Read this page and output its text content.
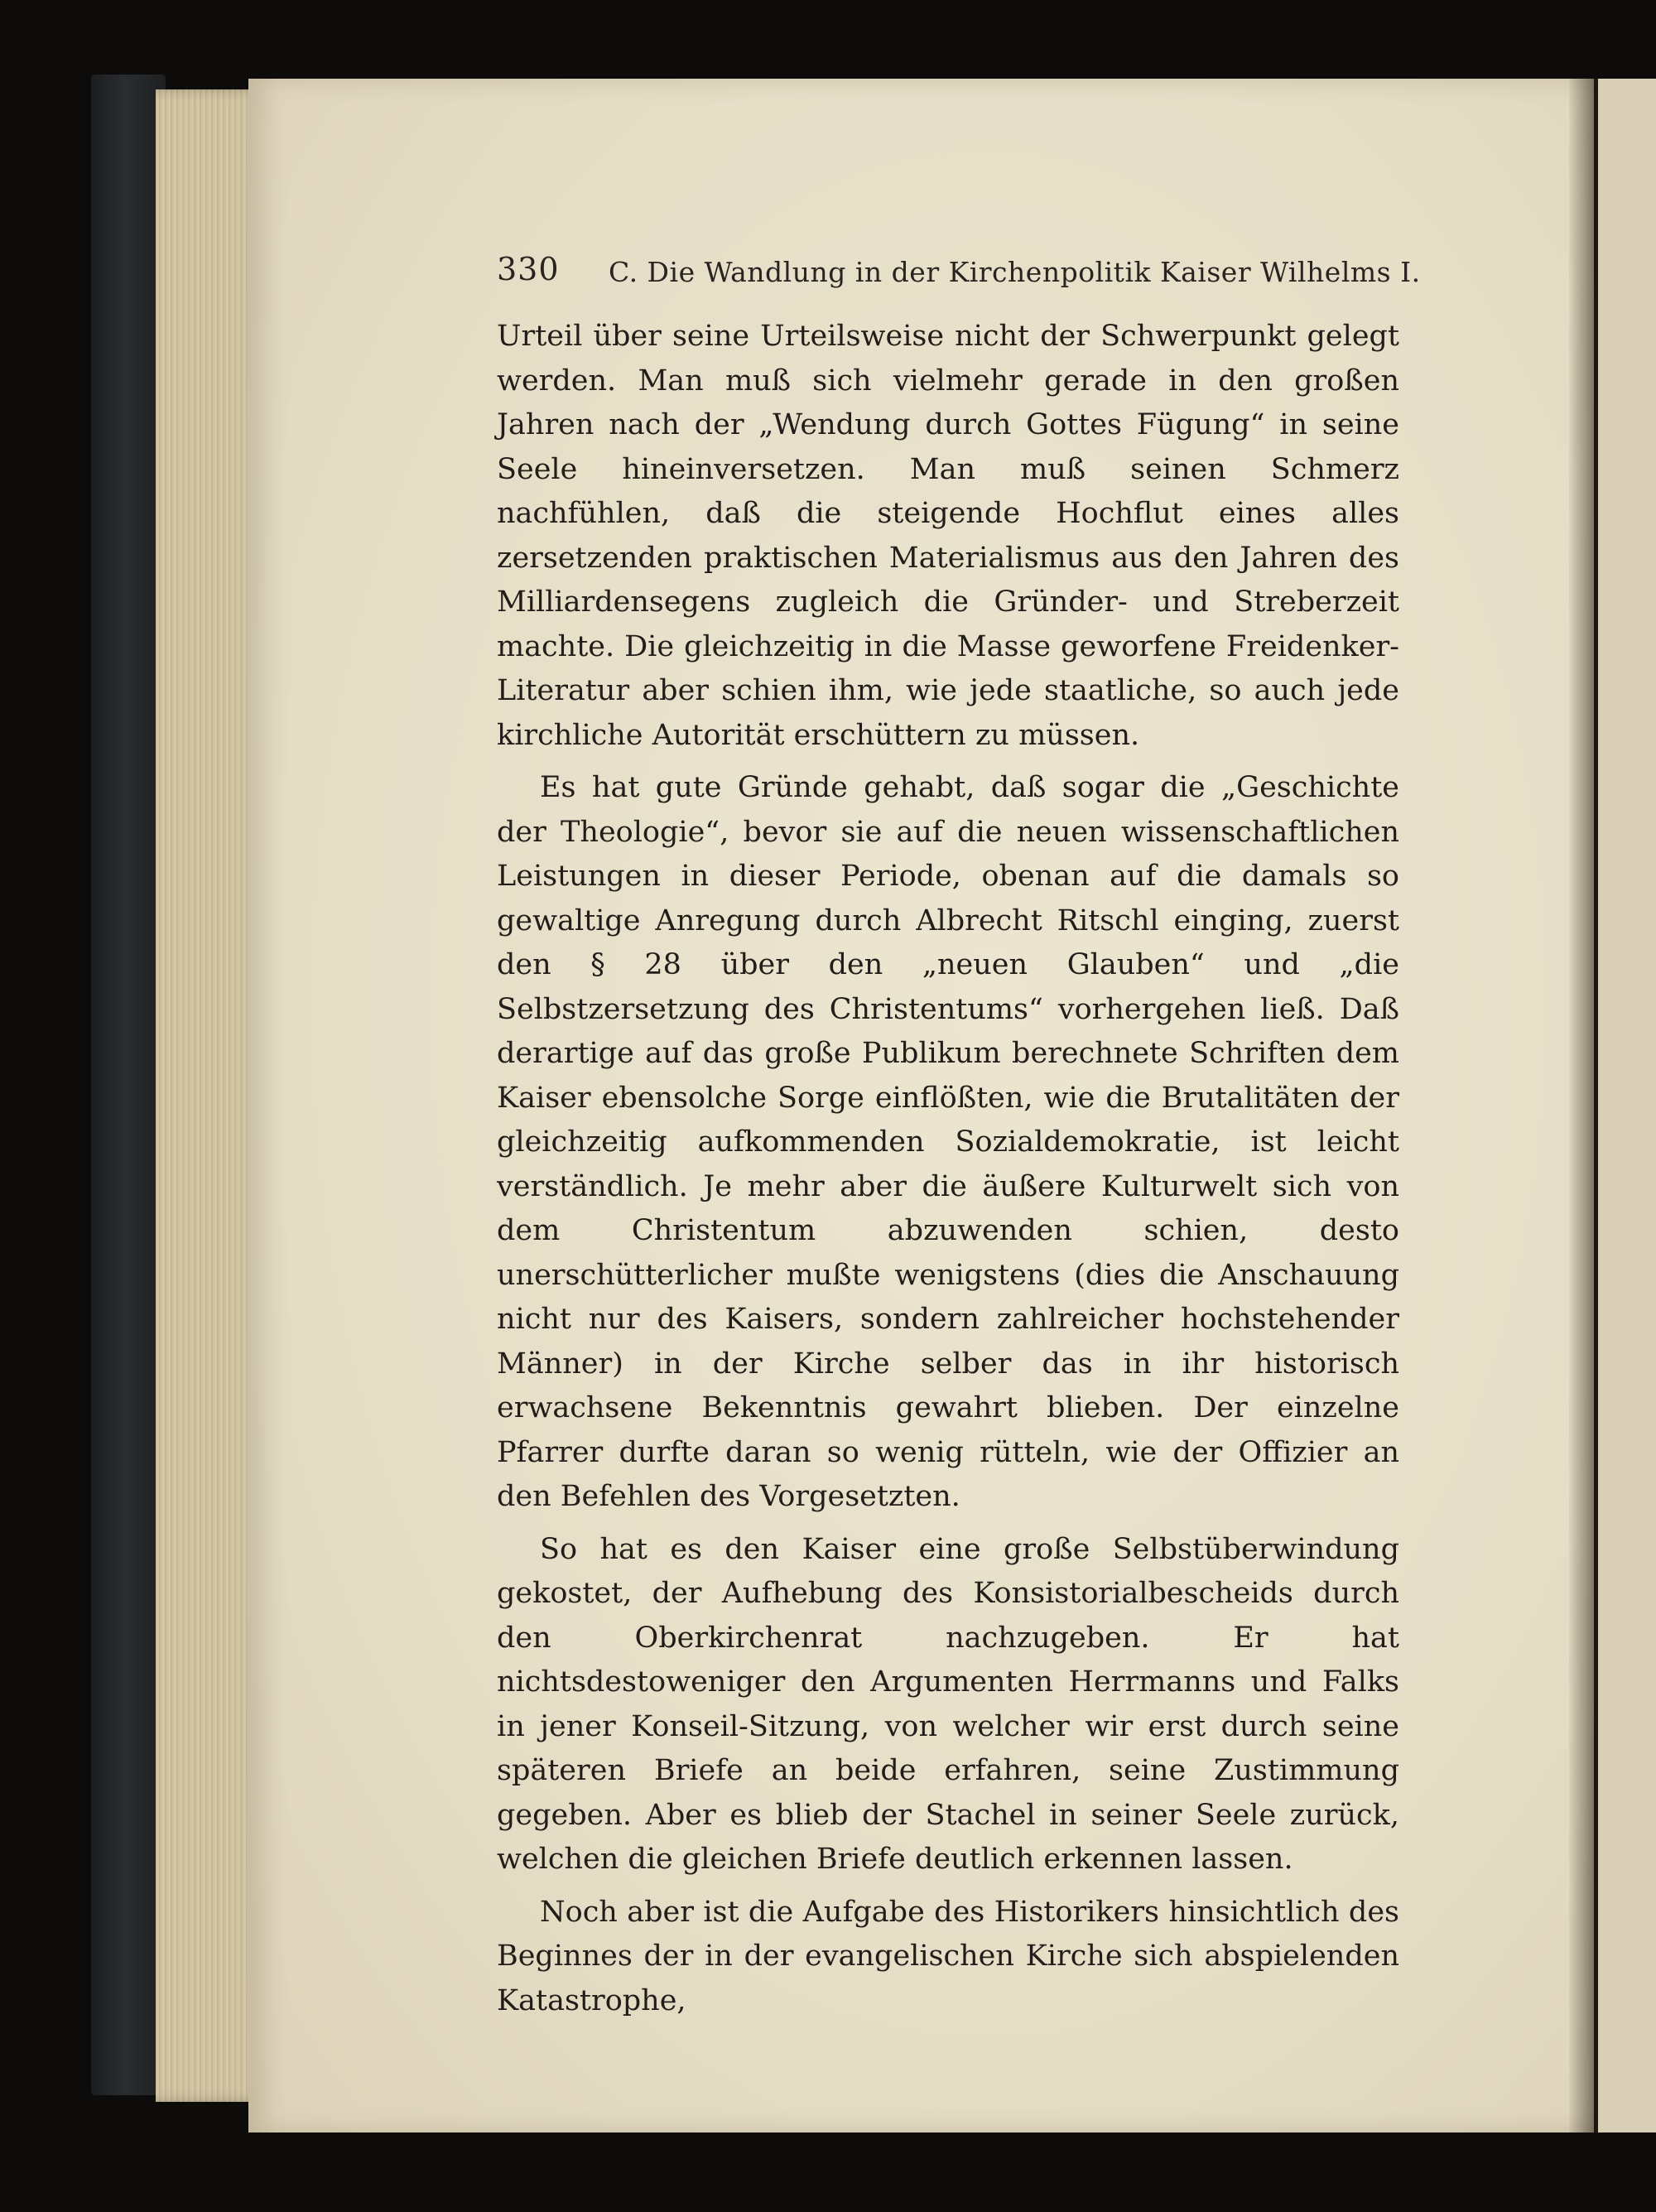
330 C. Die Wandlung in der Kirchenpolitik Kaiser Wilhelms I.

Urteil über seine Urteilsweise nicht der Schwerpunkt gelegt werden. Man muß sich vielmehr gerade in den großen Jahren nach der „Wendung durch Gottes Fügung“ in seine Seele hineinversetzen. Man muß seinen Schmerz nachfühlen, daß die steigende Hochflut eines alles zersetzenden praktischen Materialismus aus den Jahren des Milliardensegens zugleich die Gründer- und Streberzeit machte. Die gleichzeitig in die Masse geworfene Freidenker-Literatur aber schien ihm, wie jede staatliche, so auch jede kirchliche Autorität erschüttern zu müssen.

Es hat gute Gründe gehabt, daß sogar die „Geschichte der Theologie“, bevor sie auf die neuen wissenschaftlichen Leistungen in dieser Periode, obenan auf die damals so gewaltige Anregung durch Albrecht Ritschl einging, zuerst den § 28 über den „neuen Glauben“ und „die Selbstzersetzung des Christentums“ vorhergehen ließ. Daß derartige auf das große Publikum berechnete Schriften dem Kaiser ebensolche Sorge einflößten, wie die Brutalitäten der gleichzeitig aufkommenden Sozialdemokratie, ist leicht verständlich. Je mehr aber die äußere Kulturwelt sich von dem Christentum abzuwenden schien, desto unerschütterlicher mußte wenigstens (dies die Anschauung nicht nur des Kaisers, sondern zahlreicher hochstehender Männer) in der Kirche selber das in ihr historisch erwachsene Bekenntnis gewahrt blieben. Der einzelne Pfarrer durfte daran so wenig rütteln, wie der Offizier an den Befehlen des Vorgesetzten.

So hat es den Kaiser eine große Selbstüberwindung gekostet, der Aufhebung des Konsistorialbescheids durch den Oberkirchenrat nachzugeben. Er hat nichtsdestoweniger den Argumenten Herrmanns und Falks in jener Konseil-Sitzung, von welcher wir erst durch seine späteren Briefe an beide erfahren, seine Zustimmung gegeben. Aber es blieb der Stachel in seiner Seele zurück, welchen die gleichen Briefe deutlich erkennen lassen.

Noch aber ist die Aufgabe des Historikers hinsichtlich des Beginnes der in der evangelischen Kirche sich abspielenden Katastrophe,
